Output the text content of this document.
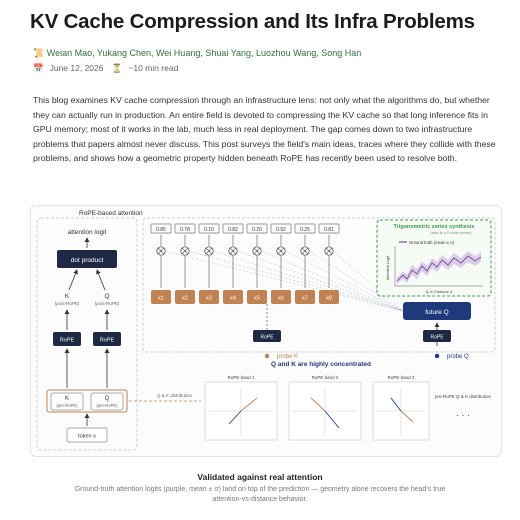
KV Cache Compression and Its Infra Problems
📜 Weian Mao, Yukang Chen, Wei Huang, Shuai Yang, Luozhou Wang, Song Han
📅 June 12, 2026 ⏳ ~10 min read
This blog examines KV cache compression through an infrastructure lens: not only what the algorithms do, but whether they can actually run in production. An entire field is devoted to compressing the KV cache so that long inference fits in GPU memory; most of it works in the lab, much less in real deployment. The gap comes down to two infrastructure problems that papers almost never discuss. This post surveys the field's main ideas, traces where they collide with these problems, and shows how a geometric property hidden beneath RoPE has recently been used to resolve both.
RoPE-based attention
attention logit
dot product
K
(post-RoPE)
Q
(post-RoPE)
RoPE	RoPE
K
(pre-RoPE)
Q
(pre-RoPE)
token x
Q & K distribution
0.85	0.78	0.10	0.82	0.20	0.92	0.25	0.81
k1	k2	k3	k4	k5	k6	k7	k8
Trigonometric series synthesis
(akin to a Fourier series)
Ground truth (mean ± σ)
Attention Logit
Q–K Distance Δ
future Q
RoPE
probe Q
RoPE
probe K
Q and K are highly concentrated
RoPE band 1	RoPE band 2	RoPE band 3
pre-RoPE Q & K distribution
· · ·
Validated against real attention
Ground-truth attention logits (purple, mean ± σ) land on top of the prediction — geometry alone recovers the head's true attention-vs-distance behavior.
